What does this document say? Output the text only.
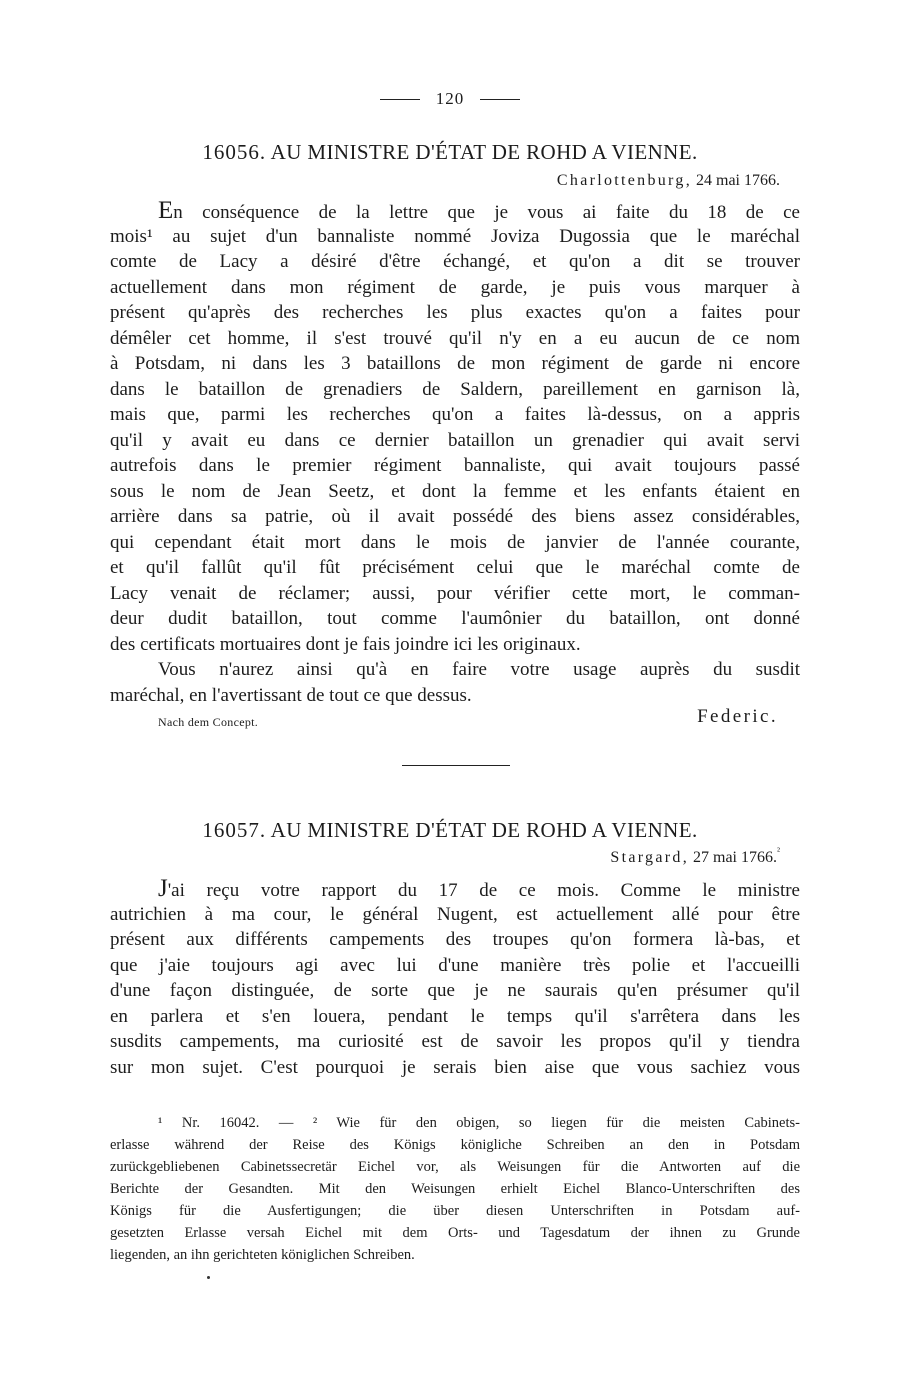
120
16056. AU MINISTRE D'ÉTAT DE ROHD A VIENNE.
Charlottenburg, 24 mai 1766.
En conséquence de la lettre que je vous ai faite du 18 de ce
mois¹ au sujet d'un bannaliste nommé Joviza Dugossia que le maréchal
comte de Lacy a désiré d'être échangé, et qu'on a dit se trouver
actuellement dans mon régiment de garde, je puis vous marquer à
présent qu'après des recherches les plus exactes qu'on a faites pour
démêler cet homme, il s'est trouvé qu'il n'y en a eu aucun de ce nom
à Potsdam, ni dans les 3 bataillons de mon régiment de garde ni encore
dans le bataillon de grenadiers de Saldern, pareillement en garnison là,
mais que, parmi les recherches qu'on a faites là-dessus, on a appris
qu'il y avait eu dans ce dernier bataillon un grenadier qui avait servi
autrefois dans le premier régiment bannaliste, qui avait toujours passé
sous le nom de Jean Seetz, et dont la femme et les enfants étaient en
arrière dans sa patrie, où il avait possédé des biens assez considérables,
qui cependant était mort dans le mois de janvier de l'année courante,
et qu'il fallût qu'il fût précisément celui que le maréchal comte de
Lacy venait de réclamer; aussi, pour vérifier cette mort, le comman-
deur dudit bataillon, tout comme l'aumônier du bataillon, ont donné
des certificats mortuaires dont je fais joindre ici les originaux.
Vous n'aurez ainsi qu'à en faire votre usage auprès du susdit
maréchal, en l'avertissant de tout ce que dessus.
Nach dem Concept.	Federic.
16057. AU MINISTRE D'ÉTAT DE ROHD A VIENNE.
Stargard, 27 mai 1766.$^{^2}$
J'ai reçu votre rapport du 17 de ce mois. Comme le ministre
autrichien à ma cour, le général Nugent, est actuellement allé pour être
présent aux différents campements des troupes qu'on formera là-bas, et
que j'aie toujours agi avec lui d'une manière très polie et l'accueilli
d'une façon distinguée, de sorte que je ne saurais qu'en présumer qu'il
en parlera et s'en louera, pendant le temps qu'il s'arrêtera dans les
susdits campements, ma curiosité est de savoir les propos qu'il y tiendra
sur mon sujet. C'est pourquoi je serais bien aise que vous sachiez vous
¹ Nr. 16042. — ² Wie für den obigen, so liegen für die meisten Cabinets-
erlasse während der Reise des Königs königliche Schreiben an den in Potsdam
zurückgebliebenen Cabinetssecretär Eichel vor, als Weisungen für die Antworten auf die
Berichte der Gesandten. Mit den Weisungen erhielt Eichel Blanco-Unterschriften des
Königs für die Ausfertigungen; die über diesen Unterschriften in Potsdam auf-
gesetzten Erlasse versah Eichel mit dem Orts- und Tagesdatum der ihnen zu Grunde
liegenden, an ihn gerichteten königlichen Schreiben.
